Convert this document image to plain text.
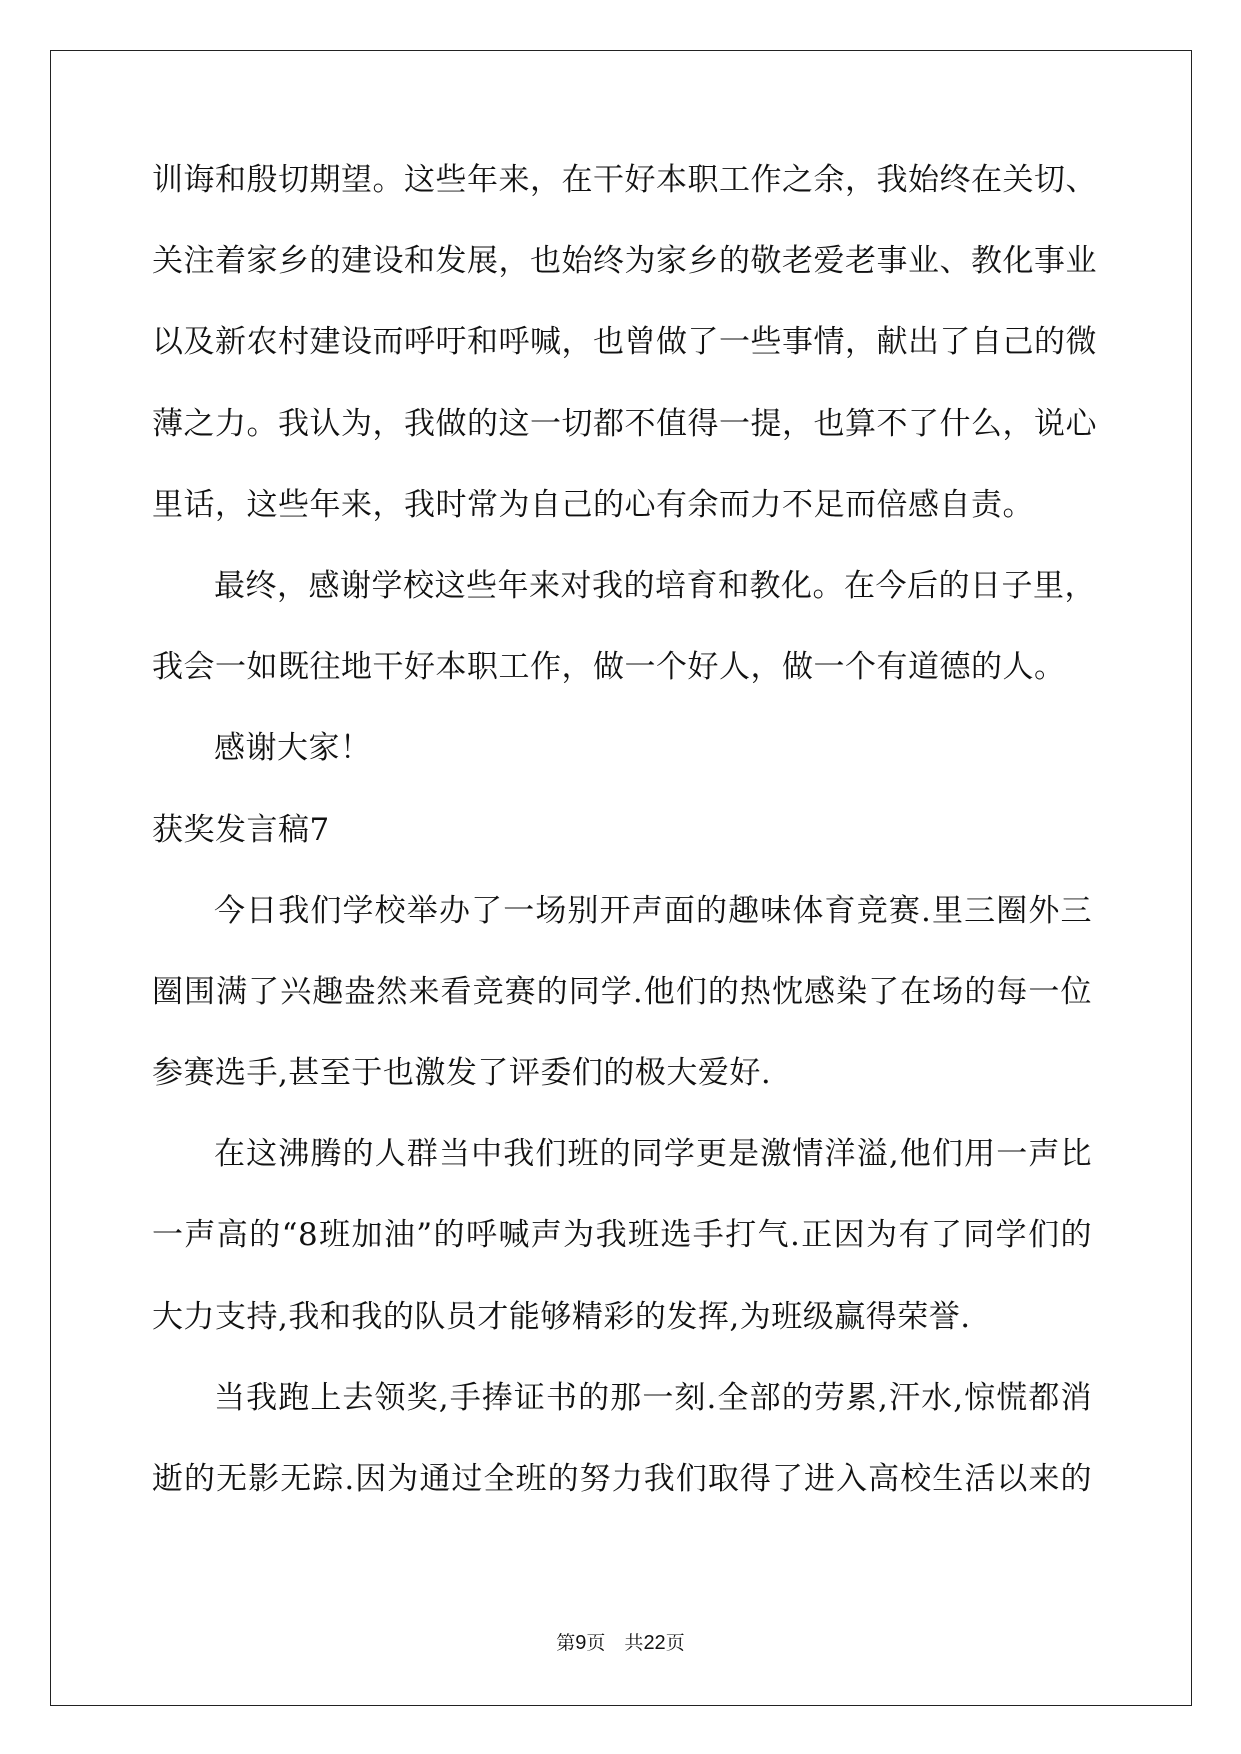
训诲和殷切期望。这些年来，在干好本职工作之余，我始终在关切、
关注着家乡的建设和发展，也始终为家乡的敬老爱老事业、教化事业
以及新农村建设而呼吁和呼喊，也曾做了一些事情，献出了自己的微
薄之力。我认为，我做的这一切都不值得一提，也算不了什么，说心
里话，这些年来，我时常为自己的心有余而力不足而倍感自责。
最终，感谢学校这些年来对我的培育和教化。在今后的日子里，
我会一如既往地干好本职工作，做一个好人，做一个有道德的人。
感谢大家！
获奖发言稿7
今日我们学校举办了一场别开声面的趣味体育竞赛.里三圈外三
圈围满了兴趣盎然来看竞赛的同学.他们的热忱感染了在场的每一位
参赛选手,甚至于也激发了评委们的极大爱好.
在这沸腾的人群当中我们班的同学更是激情洋溢,他们用一声比
一声高的“8班加油”的呼喊声为我班选手打气.正因为有了同学们的
大力支持,我和我的队员才能够精彩的发挥,为班级赢得荣誉.
当我跑上去领奖,手捧证书的那一刻.全部的劳累,汗水,惊慌都消
逝的无影无踪.因为通过全班的努力我们取得了进入高校生活以来的
第9页　共22页
